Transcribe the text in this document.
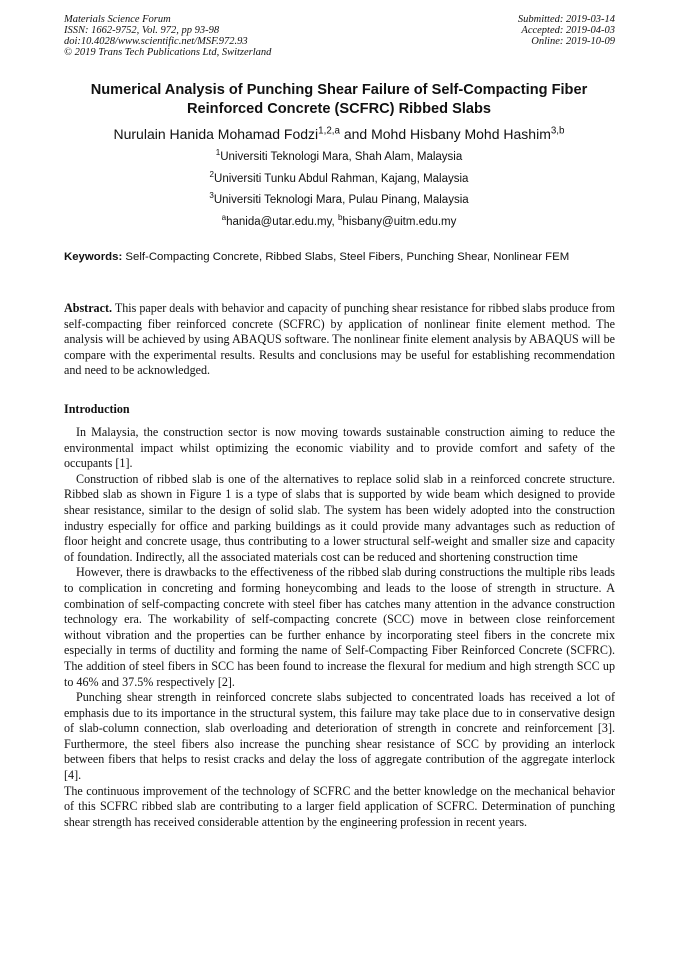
Materials Science Forum
ISSN: 1662-9752, Vol. 972, pp 93-98
doi:10.4028/www.scientific.net/MSF.972.93
© 2019 Trans Tech Publications Ltd, Switzerland
Submitted: 2019-03-14
Accepted: 2019-04-03
Online: 2019-10-09
Numerical Analysis of Punching Shear Failure of Self-Compacting Fiber
Reinforced Concrete (SCFRC) Ribbed Slabs
Nurulain Hanida Mohamad Fodzi$^{1,2,a}$ and Mohd Hisbany Mohd Hashim$^{3,b}$
$^1$Universiti Teknologi Mara, Shah Alam, Malaysia
$^2$Universiti Tunku Abdul Rahman, Kajang, Malaysia
$^3$Universiti Teknologi Mara, Pulau Pinang, Malaysia
$^a$hanida@utar.edu.my, $^b$hisbany@uitm.edu.my
Keywords: Self-Compacting Concrete, Ribbed Slabs, Steel Fibers, Punching Shear, Nonlinear FEM
Abstract. This paper deals with behavior and capacity of punching shear resistance for ribbed slabs produce from self-compacting fiber reinforced concrete (SCFRC) by application of nonlinear finite element method. The analysis will be achieved by using ABAQUS software. The nonlinear finite element analysis by ABAQUS will be compare with the experimental results. Results and conclusions may be useful for establishing recommendation and need to be acknowledged.
Introduction

In Malaysia, the construction sector is now moving towards sustainable construction aiming to reduce the environmental impact whilst optimizing the economic viability and to provide comfort and safety of the occupants [1].

Construction of ribbed slab is one of the alternatives to replace solid slab in a reinforced concrete structure. Ribbed slab as shown in Figure 1 is a type of slabs that is supported by wide beam which designed to provide shear resistance, similar to the design of solid slab. The system has been widely adopted into the construction industry especially for office and parking buildings as it could provide many advantages such as reduction of floor height and concrete usage, thus contributing to a lower structural self-weight and smaller size and capacity of foundation. Indirectly, all the associated materials cost can be reduced and shortening construction time

However, there is drawbacks to the effectiveness of the ribbed slab during constructions the multiple ribs leads to complication in concreting and forming honeycombing and leads to the loose of strength in structure. A combination of self-compacting concrete with steel fiber has catches many attention in the advance construction technology era. The workability of self-compacting concrete (SCC) move in between close reinforcement without vibration and the properties can be further enhance by incorporating steel fibers in the concrete mix especially in terms of ductility and forming the name of Self-Compacting Fiber Reinforced Concrete (SCFRC). The addition of steel fibers in SCC has been found to increase the flexural for medium and high strength SCC up to 46% and 37.5% respectively [2].

Punching shear strength in reinforced concrete slabs subjected to concentrated loads has received a lot of emphasis due to its importance in the structural system, this failure may take place due to in conservative design of slab-column connection, slab overloading and deterioration of strength in concrete and reinforcement [3]. Furthermore, the steel fibers also increase the punching shear resistance of SCC by providing an interlock between fibers that helps to resist cracks and delay the loss of aggregate contribution of the aggregate interlock [4].

The continuous improvement of the technology of SCFRC and the better knowledge on the mechanical behavior of this SCFRC ribbed slab are contributing to a larger field application of SCFRC. Determination of punching shear strength has received considerable attention by the engineering profession in recent years.
